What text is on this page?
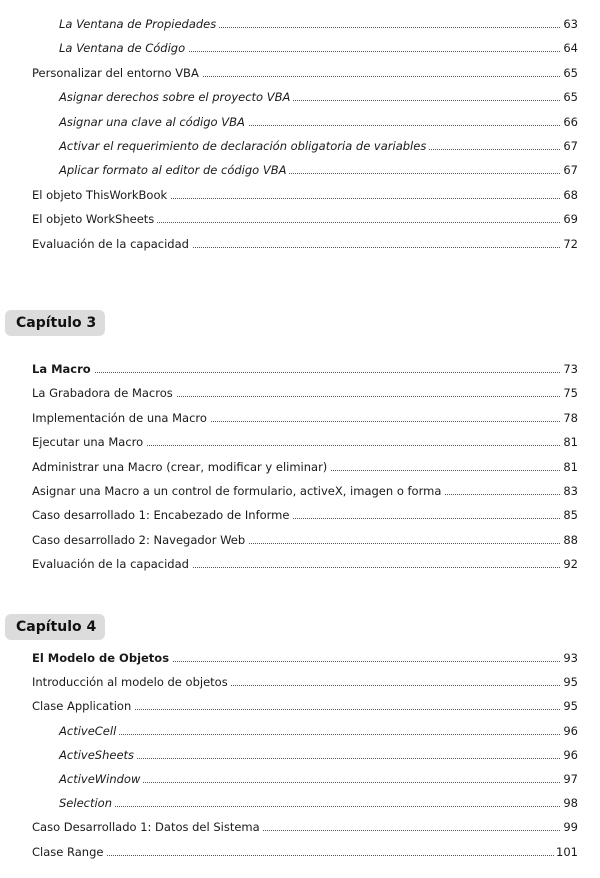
La Ventana de Propiedades	63
La Ventana de Código	64
Personalizar del entorno VBA	65
Asignar derechos sobre el proyecto VBA	65
Asignar una clave al código VBA	66
Activar el requerimiento de declaración obligatoria de variables	67
Aplicar formato al editor de código VBA	67
El objeto ThisWorkBook	68
El objeto WorkSheets	69
Evaluación de la capacidad	72
Capítulo 3
La Macro	73
La Grabadora de Macros	75
Implementación de una Macro	78
Ejecutar una Macro	81
Administrar una Macro (crear, modificar y eliminar)	81
Asignar una Macro a un control de formulario, activeX, imagen o forma	83
Caso desarrollado 1: Encabezado de Informe	85
Caso desarrollado 2: Navegador Web	88
Evaluación de la capacidad	92
Capítulo 4
El Modelo de Objetos	93
Introducción al modelo de objetos	95
Clase Application	95
ActiveCell	96
ActiveSheets	96
ActiveWindow	97
Selection	98
Caso Desarrollado 1: Datos del Sistema	99
Clase Range	101
